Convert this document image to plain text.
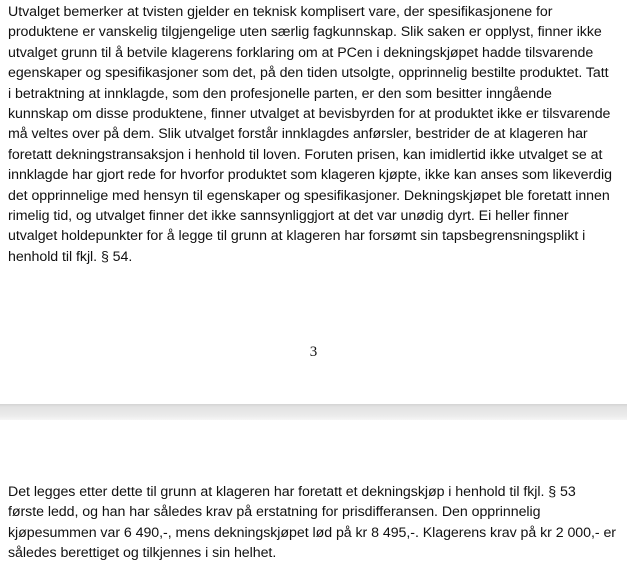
Utvalget bemerker at tvisten gjelder en teknisk komplisert vare, der spesifikasjonene for
produktene er vanskelig tilgjengelige uten særlig fagkunnskap. Slik saken er opplyst, finner ikke
utvalget grunn til å betvile klagerens forklaring om at PCen i dekningskjøpet hadde tilsvarende
egenskaper og spesifikasjoner som det, på den tiden utsolgte, opprinnelig bestilte produktet. Tatt
i betraktning at innklagde, som den profesjonelle parten, er den som besitter inngående
kunnskap om disse produktene, finner utvalget at bevisbyrden for at produktet ikke er tilsvarende
må veltes over på dem. Slik utvalget forstår innklagdes anførsler, bestrider de at klageren har
foretatt dekningstransaksjon i henhold til loven. Foruten prisen, kan imidlertid ikke utvalget se at
innklagde har gjort rede for hvorfor produktet som klageren kjøpte, ikke kan anses som likeverdig
det opprinnelige med hensyn til egenskaper og spesifikasjoner. Dekningskjøpet ble foretatt innen
rimelig tid, og utvalget finner det ikke sannsynliggjort at det var unødig dyrt. Ei heller finner
utvalget holdepunkter for å legge til grunn at klageren har forsømt sin tapsbegrensningsplikt i
henhold til fkjl. § 54.

3

Det legges etter dette til grunn at klageren har foretatt et dekningskjøp i henhold til fkjl. § 53
første ledd, og han har således krav på erstatning for prisdifferansen. Den opprinnelig
kjøpesummen var 6 490,-, mens dekningskjøpet lød på kr 8 495,-. Klagerens krav på kr 2 000,- er
således berettiget og tilkjennes i sin helhet.
